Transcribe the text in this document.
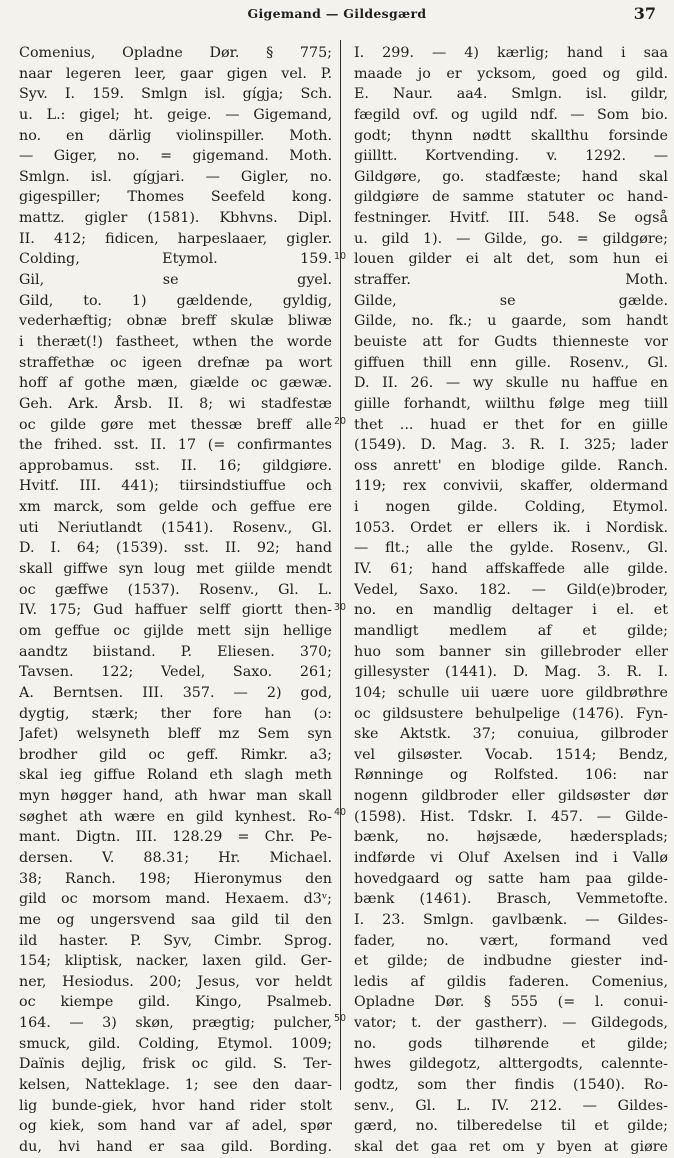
Gigemand — Gildesgærd	37
Comenius, Opladne Dør. § 775;
naar legeren leer, gaar gigen vel. P.
Syv. I. 159. Smlgn isl. gígja; Sch.
u. L.: gigel; ht. geige. — Gigemand,
no. en därlig violinspiller. Moth.
— Giger, no. = gigemand. Moth.
Smlgn. isl. gígjari. — Gigler, no.
gigespiller; Thomes Seefeld kong.
mattz. gigler (1581). Kbhvns. Dipl.
II. 412; fidicen, harpeslaaer, gigler.
Colding, Etymol. 159.
Gil, se gyel.
Gild, to. 1) gældende, gyldig,
vederhæftig; obnæ breff skulæ bliwæ
i theræt(!) fastheet, wthen the worde
straffethæ oc igeen drefnæ pa wort
hoff af gothe mæn, giælde oc gæwæ.
Geh. Ark. Årsb. II. 8; wi stadfestæ
oc gilde gøre met thessæ breff alle
the frihed. sst. II. 17 (= confirmantes
approbamus. sst. II. 16; gildgiøre.
Hvitf. III. 441); tiirsindstiuffue och
xm marck, som gelde och geffue ere
uti Neriutlandt (1541). Rosenv., Gl.
D. I. 64; (1539). sst. II. 92; hand
skall giffwe syn loug met giilde mendt
oc gæffwe (1537). Rosenv., Gl. L.
IV. 175; Gud haffuer selff giortt then-
om geffue oc gijlde mett sijn hellige
aandtz biistand. P. Eliesen. 370;
Tavsen. 122; Vedel, Saxo. 261;
A. Berntsen. III. 357. — 2) god,
dygtig, stærk; ther fore han (ɔ:
Jafet) welsyneth bleff mz Sem syn
brodher gild oc geff. Rimkr. a3;
skal ieg giffue Roland eth slagh meth
myn høgger hand, ath hwar man skall
søghet ath wære en gild kynhest. Ro-
mant. Digtn. III. 128.29 = Chr. Pe-
dersen. V. 88.31; Hr. Michael.
38; Ranch. 198; Hieronymus den
gild oc morsom mand. Hexaem. d3ᵛ;
me og ungersvend saa gild til den
ild haster. P. Syv, Cimbr. Sprog.
154; kliptisk, nacker, laxen gild. Ger-
ner, Hesiodus. 200; Jesus, vor heldt
oc kiempe gild. Kingo, Psalmeb.
164. — 3) skøn, prægtig; pulcher,
smuck, gild. Colding, Etymol. 1009;
Daïnis dejlig, frisk oc gild. S. Ter-
kelsen, Natteklage. 1; see den daar-
lig bunde-giek, hvor hand rider stolt
og kiek, som hand var af adel, spør
du, hvi hand er saa gild. Bording.
I. 299. — 4) kærlig; hand i saa
maade jo er ycksom, goed og gild.
E. Naur. aa4. Smlgn. isl. gildr,
fægild ovf. og ugild ndf. — Som bio.
godt; thynn nødtt skallthu forsinde
giilltt. Kortvending. v. 1292. —
Gildgøre, go. stadfæste; hand skal
gildgiøre de samme statuter oc hand-
festninger. Hvitf. III. 548. Se også
u. gild 1). — Gilde, go. = gildgøre;
louen gilder ei alt det, som hun ei
straffer. Moth.
Gilde, se gælde.
Gilde, no. fk.; u gaarde, som handt
beuiste att for Gudts thienneste vor
giffuen thill enn gille. Rosenv., Gl.
D. II. 26. — wy skulle nu haffue en
giille forhandt, wiilthu følge meg tiill
thet ... huad er thet for en giille
(1549). D. Mag. 3. R. I. 325; lader
oss anrett' en blodige gilde. Ranch.
119; rex convivii, skaffer, oldermand
i nogen gilde. Colding, Etymol.
1053. Ordet er ellers ik. i Nordisk.
— flt.; alle the gylde. Rosenv., Gl.
IV. 61; hand affskaffede alle gilde.
Vedel, Saxo. 182. — Gild(e)broder,
no. en mandlig deltager i el. et
mandligt medlem af et gilde;
huo som banner sin gillebroder eller
gillesyster (1441). D. Mag. 3. R. I.
104; schulle uii uære uore gildbrøthre
oc gildsustere behulpelige (1476). Fyn-
ske Aktstk. 37; conuiua, gilbroder
vel gilsøster. Vocab. 1514; Bendz,
Rønninge og Rolfsted. 106: nar
nogenn gildbroder eller gildsøster dør
(1598). Hist. Tdskr. I. 457. — Gilde-
bænk, no. højsæde, hædersplads;
indførde vi Oluf Axelsen ind i Vallø
hovedgaard og satte ham paa gilde-
bænk (1461). Brasch, Vemmetofte.
I. 23. Smlgn. gavlbænk. — Gildes-
fader, no. vært, formand ved
et gilde; de indbudne giester ind-
ledis af gildis faderen. Comenius,
Opladne Dør. § 555 (= l. conui-
vator; t. der gastherr). — Gildegods,
no. gods tilhørende et gilde;
hwes gildegotz, alttergodts, calennte-
godtz, som ther findis (1540). Ro-
senv., Gl. L. IV. 212. — Gildes-
gærd, no. tilberedelse til et gilde;
skal det gaa ret om y byen at giøre
10
20
30
40
50
